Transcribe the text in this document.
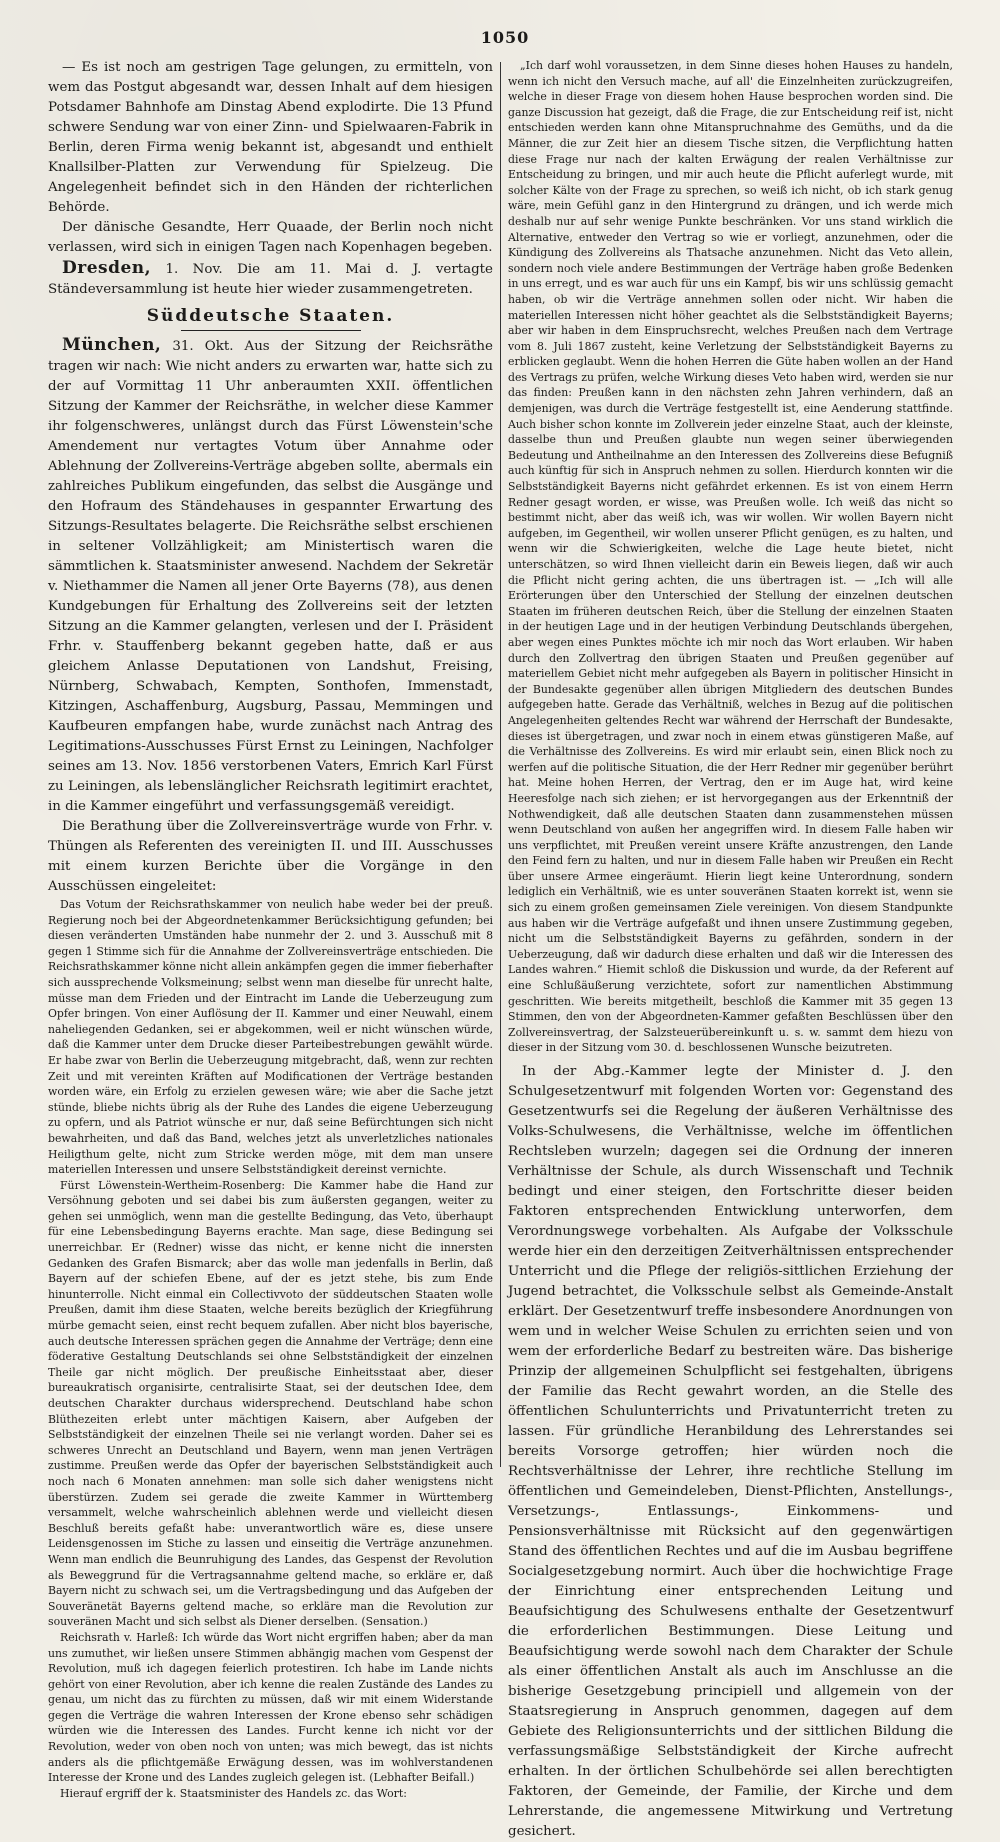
1050

— Es ist noch am gestrigen Tage gelungen, zu ermitteln, von wem das Postgut abgesandt war, dessen Inhalt auf dem hiesigen Potsdamer Bahnhofe am Dinstag Abend explodirte. Die 13 Pfund schwere Sendung war von einer Zinn- und Spielwaaren-Fabrik in Berlin, deren Firma wenig bekannt ist, abgesandt und enthielt Knallsilber-Platten zur Verwendung für Spielzeug. Die Angelegenheit befindet sich in den Händen der richterlichen Behörde.

Der dänische Gesandte, Herr Quaade, der Berlin noch nicht verlassen, wird sich in einigen Tagen nach Kopenhagen begeben.

Dresden, 1. Nov. Die am 11. Mai d. J. vertagte Ständeversammlung ist heute hier wieder zusammengetreten.

Süddeutsche Staaten.

München, 31. Okt. Aus der Sitzung der Reichsräthe tragen wir nach: Wie nicht anders zu erwarten war, hatte sich zu der auf Vormittag 11 Uhr anberaumten XXII. öffentlichen Sitzung der Kammer der Reichsräthe, in welcher diese Kammer ihr folgenschweres, unlängst durch das Fürst Löwenstein'sche Amendement nur vertagtes Votum über Annahme oder Ablehnung der Zollvereins-Verträge abgeben sollte, abermals ein zahlreiches Publikum eingefunden, das selbst die Ausgänge und den Hofraum des Ständehauses in gespannter Erwartung des Sitzungs-Resultates belagerte. Die Reichsräthe selbst erschienen in seltener Vollzähligkeit; am Ministertisch waren die sämmtlichen k. Staatsminister anwesend. Nachdem der Sekretär v. Niethammer die Namen all jener Orte Bayerns (78), aus denen Kundgebungen für Erhaltung des Zollvereins seit der letzten Sitzung an die Kammer gelangten, verlesen und der I. Präsident Frhr. v. Stauffenberg bekannt gegeben hatte, daß er aus gleichem Anlasse Deputationen von Landshut, Freising, Nürnberg, Schwabach, Kempten, Sonthofen, Immenstadt, Kitzingen, Aschaffenburg, Augsburg, Passau, Memmingen und Kaufbeuren empfangen habe, wurde zunächst nach Antrag des Legitimations-Ausschusses Fürst Ernst zu Leiningen, Nachfolger seines am 13. Nov. 1856 verstorbenen Vaters, Emrich Karl Fürst zu Leiningen, als lebenslänglicher Reichsrath legitimirt erachtet, in die Kammer eingeführt und verfassungsgemäß vereidigt.

Die Berathung über die Zollvereinsverträge wurde von Frhr. v. Thüngen als Referenten des vereinigten II. und III. Ausschusses mit einem kurzen Berichte über die Vorgänge in den Ausschüssen eingeleitet:

Das Votum der Reichsrathskammer von neulich habe weder bei der preuß. Regierung noch bei der Abgeordnetenkammer Berücksichtigung gefunden; bei diesen veränderten Umständen habe nunmehr der 2. und 3. Ausschuß mit 8 gegen 1 Stimme sich für die Annahme der Zollvereinsverträge entschieden. Die Reichsrathskammer könne nicht allein ankämpfen gegen die immer fieberhafter sich aussprechende Volksmeinung; selbst wenn man dieselbe für unrecht halte, müsse man dem Frieden und der Eintracht im Lande die Ueberzeugung zum Opfer bringen. Von einer Auflösung der II. Kammer und einer Neuwahl, einem naheliegenden Gedanken, sei er abgekommen, weil er nicht wünschen würde, daß die Kammer unter dem Drucke dieser Parteibestrebungen gewählt würde. Er habe zwar von Berlin die Ueberzeugung mitgebracht, daß, wenn zur rechten Zeit und mit vereinten Kräften auf Modificationen der Verträge bestanden worden wäre, ein Erfolg zu erzielen gewesen wäre; wie aber die Sache jetzt stünde, bliebe nichts übrig als der Ruhe des Landes die eigene Ueberzeugung zu opfern, und als Patriot wünsche er nur, daß seine Befürchtungen sich nicht bewahrheiten, und daß das Band, welches jetzt als unverletzliches nationales Heiligthum gelte, nicht zum Stricke werden möge, mit dem man unsere materiellen Interessen und unsere Selbstständigkeit dereinst vernichte.

Fürst Löwenstein-Wertheim-Rosenberg: Die Kammer habe die Hand zur Versöhnung geboten und sei dabei bis zum äußersten gegangen, weiter zu gehen sei unmöglich, wenn man die gestellte Bedingung, das Veto, überhaupt für eine Lebensbedingung Bayerns erachte. Man sage, diese Bedingung sei unerreichbar. Er (Redner) wisse das nicht, er kenne nicht die innersten Gedanken des Grafen Bismarck; aber das wolle man jedenfalls in Berlin, daß Bayern auf der schiefen Ebene, auf der es jetzt stehe, bis zum Ende hinunterrolle. Nicht einmal ein Collectivvoto der süddeutschen Staaten wolle Preußen, damit ihm diese Staaten, welche bereits bezüglich der Kriegführung mürbe gemacht seien, einst recht bequem zufallen. Aber nicht blos bayerische, auch deutsche Interessen sprächen gegen die Annahme der Verträge; denn eine föderative Gestaltung Deutschlands sei ohne Selbstständigkeit der einzelnen Theile gar nicht möglich. Der preußische Einheitsstaat aber, dieser bureaukratisch organisirte, centralisirte Staat, sei der deutschen Idee, dem deutschen Charakter durchaus widersprechend. Deutschland habe schon Blüthezeiten erlebt unter mächtigen Kaisern, aber Aufgeben der Selbstständigkeit der einzelnen Theile sei nie verlangt worden. Daher sei es schweres Unrecht an Deutschland und Bayern, wenn man jenen Verträgen zustimme. Preußen werde das Opfer der bayerischen Selbstständigkeit auch noch nach 6 Monaten annehmen: man solle sich daher wenigstens nicht überstürzen. Zudem sei gerade die zweite Kammer in Württemberg versammelt, welche wahrscheinlich ablehnen werde und vielleicht diesen Beschluß bereits gefaßt habe: unverantwortlich wäre es, diese unsere Leidensgenossen im Stiche zu lassen und einseitig die Verträge anzunehmen. Wenn man endlich die Beunruhigung des Landes, das Gespenst der Revolution als Beweggrund für die Vertragsannahme geltend mache, so erkläre er, daß Bayern nicht zu schwach sei, um die Vertragsbedingung und das Aufgeben der Souveränetät Bayerns geltend mache, so erkläre man die Revolution zur souveränen Macht und sich selbst als Diener derselben. (Sensation.)

Reichsrath v. Harleß: Ich würde das Wort nicht ergriffen haben; aber da man uns zumuthet, wir ließen unsere Stimmen abhängig machen vom Gespenst der Revolution, muß ich dagegen feierlich protestiren. Ich habe im Lande nichts gehört von einer Revolution, aber ich kenne die realen Zustände des Landes zu genau, um nicht das zu fürchten zu müssen, daß wir mit einem Widerstande gegen die Verträge die wahren Interessen der Krone ebenso sehr schädigen würden wie die Interessen des Landes. Furcht kenne ich nicht vor der Revolution, weder von oben noch von unten; was mich bewegt, das ist nichts anders als die pflichtgemäße Erwägung dessen, was im wohlverstandenen Interesse der Krone und des Landes zugleich gelegen ist. (Lebhafter Beifall.)

Hierauf ergriff der k. Staatsminister des Handels zc. das Wort:

„Ich darf wohl voraussetzen, in dem Sinne dieses hohen Hauses zu handeln, wenn ich nicht den Versuch mache, auf all' die Einzelnheiten zurückzugreifen, welche in dieser Frage von diesem hohen Hause besprochen worden sind. Die ganze Discussion hat gezeigt, daß die Frage, die zur Entscheidung reif ist, nicht entschieden werden kann ohne Mitanspruchnahme des Gemüths, und da die Männer, die zur Zeit hier an diesem Tische sitzen, die Verpflichtung hatten diese Frage nur nach der kalten Erwägung der realen Verhältnisse zur Entscheidung zu bringen, und mir auch heute die Pflicht auferlegt wurde, mit solcher Kälte von der Frage zu sprechen, so weiß ich nicht, ob ich stark genug wäre, mein Gefühl ganz in den Hintergrund zu drängen, und ich werde mich deshalb nur auf sehr wenige Punkte beschränken. Vor uns stand wirklich die Alternative, entweder den Vertrag so wie er vorliegt, anzunehmen, oder die Kündigung des Zollvereins als Thatsache anzunehmen. Nicht das Veto allein, sondern noch viele andere Bestimmungen der Verträge haben große Bedenken in uns erregt, und es war auch für uns ein Kampf, bis wir uns schlüssig gemacht haben, ob wir die Verträge annehmen sollen oder nicht. Wir haben die materiellen Interessen nicht höher geachtet als die Selbstständigkeit Bayerns; aber wir haben in dem Einspruchsrecht, welches Preußen nach dem Vertrage vom 8. Juli 1867 zusteht, keine Verletzung der Selbstständigkeit Bayerns zu erblicken geglaubt. Wenn die hohen Herren die Güte haben wollen an der Hand des Vertrags zu prüfen, welche Wirkung dieses Veto haben wird, werden sie nur das finden: Preußen kann in den nächsten zehn Jahren verhindern, daß an demjenigen, was durch die Verträge festgestellt ist, eine Aenderung stattfinde. Auch bisher schon konnte im Zollverein jeder einzelne Staat, auch der kleinste, dasselbe thun und Preußen glaubte nun wegen seiner überwiegenden Bedeutung und Antheilnahme an den Interessen des Zollvereins diese Befugniß auch künftig für sich in Anspruch nehmen zu sollen. Hierdurch konnten wir die Selbstständigkeit Bayerns nicht gefährdet erkennen. Es ist von einem Herrn Redner gesagt worden, er wisse, was Preußen wolle. Ich weiß das nicht so bestimmt nicht, aber das weiß ich, was wir wollen. Wir wollen Bayern nicht aufgeben, im Gegentheil, wir wollen unserer Pflicht genügen, es zu halten, und wenn wir die Schwierigkeiten, welche die Lage heute bietet, nicht unterschätzen, so wird Ihnen vielleicht darin ein Beweis liegen, daß wir auch die Pflicht nicht gering achten, die uns übertragen ist. — „Ich will alle Erörterungen über den Unterschied der Stellung der einzelnen deutschen Staaten im früheren deutschen Reich, über die Stellung der einzelnen Staaten in der heutigen Lage und in der heutigen Verbindung Deutschlands übergehen, aber wegen eines Punktes möchte ich mir noch das Wort erlauben. Wir haben durch den Zollvertrag den übrigen Staaten und Preußen gegenüber auf materiellem Gebiet nicht mehr aufgegeben als Bayern in politischer Hinsicht in der Bundesakte gegenüber allen übrigen Mitgliedern des deutschen Bundes aufgegeben hatte. Gerade das Verhältniß, welches in Bezug auf die politischen Angelegenheiten geltendes Recht war während der Herrschaft der Bundesakte, dieses ist übergetragen, und zwar noch in einem etwas günstigeren Maße, auf die Verhältnisse des Zollvereins. Es wird mir erlaubt sein, einen Blick noch zu werfen auf die politische Situation, die der Herr Redner mir gegenüber berührt hat. Meine hohen Herren, der Vertrag, den er im Auge hat, wird keine Heeresfolge nach sich ziehen; er ist hervorgegangen aus der Erkenntniß der Nothwendigkeit, daß alle deutschen Staaten dann zusammenstehen müssen wenn Deutschland von außen her angegriffen wird. In diesem Falle haben wir uns verpflichtet, mit Preußen vereint unsere Kräfte anzustrengen, den Lande den Feind fern zu halten, und nur in diesem Falle haben wir Preußen ein Recht über unsere Armee eingeräumt. Hierin liegt keine Unterordnung, sondern lediglich ein Verhältniß, wie es unter souveränen Staaten korrekt ist, wenn sie sich zu einem großen gemeinsamen Ziele vereinigen. Von diesem Standpunkte aus haben wir die Verträge aufgefaßt und ihnen unsere Zustimmung gegeben, nicht um die Selbstständigkeit Bayerns zu gefährden, sondern in der Ueberzeugung, daß wir dadurch diese erhalten und daß wir die Interessen des Landes wahren.“ Hiemit schloß die Diskussion und wurde, da der Referent auf eine Schlußäußerung verzichtete, sofort zur namentlichen Abstimmung geschritten. Wie bereits mitgetheilt, beschloß die Kammer mit 35 gegen 13 Stimmen, den von der Abgeordneten-Kammer gefaßten Beschlüssen über den Zollvereinsvertrag, der Salzsteuerübereinkunft u. s. w. sammt dem hiezu von dieser in der Sitzung vom 30. d. beschlossenen Wunsche beizutreten.

In der Abg.-Kammer legte der Minister d. J. den Schulgesetzentwurf mit folgenden Worten vor: Gegenstand des Gesetzentwurfs sei die Regelung der äußeren Verhältnisse des Volks-Schulwesens, die Verhältnisse, welche im öffentlichen Rechtsleben wurzeln; dagegen sei die Ordnung der inneren Verhältnisse der Schule, als durch Wissenschaft und Technik bedingt und einer steigen, den Fortschritte dieser beiden Faktoren entsprechenden Entwicklung unterworfen, dem Verordnungswege vorbehalten. Als Aufgabe der Volksschule werde hier ein den derzeitigen Zeitverhältnissen entsprechender Unterricht und die Pflege der religiös-sittlichen Erziehung der Jugend betrachtet, die Volksschule selbst als Gemeinde-Anstalt erklärt. Der Gesetzentwurf treffe insbesondere Anordnungen von wem und in welcher Weise Schulen zu errichten seien und von wem der erforderliche Bedarf zu bestreiten wäre. Das bisherige Prinzip der allgemeinen Schulpflicht sei festgehalten, übrigens der Familie das Recht gewahrt worden, an die Stelle des öffentlichen Schulunterrichts und Privatunterricht treten zu lassen. Für gründliche Heranbildung des Lehrerstandes sei bereits Vorsorge getroffen; hier würden noch die Rechtsverhältnisse der Lehrer, ihre rechtliche Stellung im öffentlichen und Gemeindeleben, Dienst-Pflichten, Anstellungs-, Versetzungs-, Entlassungs-, Einkommens- und Pensionsverhältnisse mit Rücksicht auf den gegenwärtigen Stand des öffentlichen Rechtes und auf die im Ausbau begriffene Socialgesetzgebung normirt. Auch über die hochwichtige Frage der Einrichtung einer entsprechenden Leitung und Beaufsichtigung des Schulwesens enthalte der Gesetzentwurf die erforderlichen Bestimmungen. Diese Leitung und Beaufsichtigung werde sowohl nach dem Charakter der Schule als einer öffentlichen Anstalt als auch im Anschlusse an die bisherige Gesetzgebung principiell und allgemein von der Staatsregierung in Anspruch genommen, dagegen auf dem Gebiete des Religionsunterrichts und der sittlichen Bildung die verfassungsmäßige Selbstständigkeit der Kirche aufrecht erhalten. In der örtlichen Schulbehörde sei allen berechtigten Faktoren, der Gemeinde, der Familie, der Kirche und dem Lehrerstande, die angemessene Mitwirkung und Vertretung gesichert.
